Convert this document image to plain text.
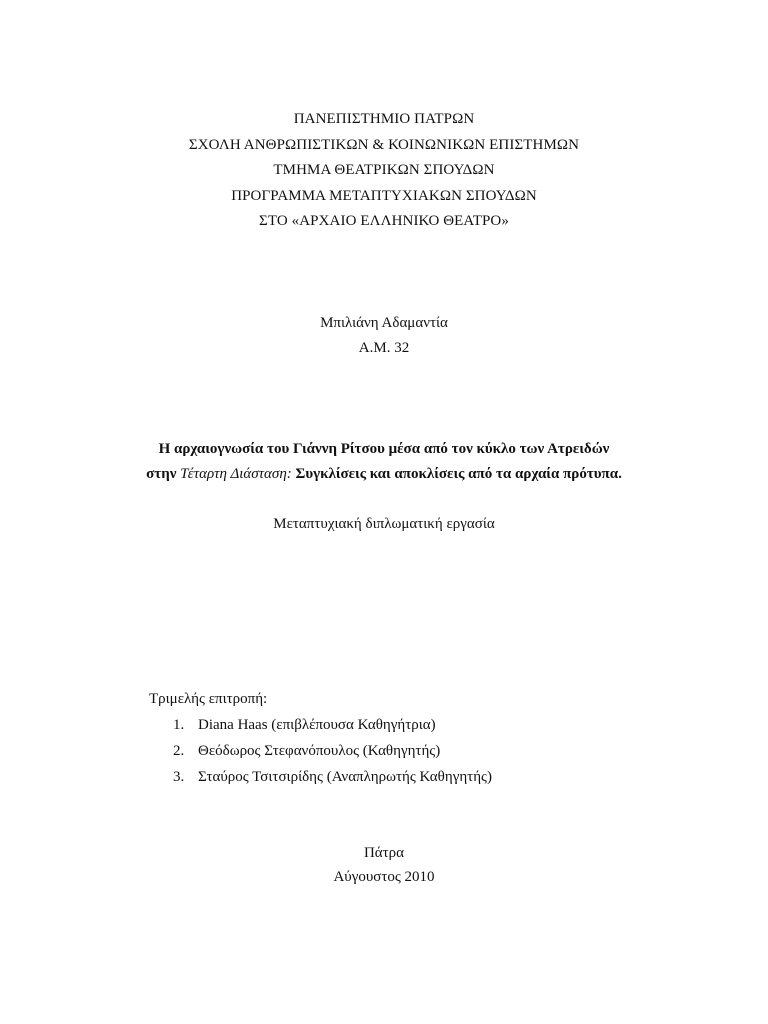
ΠΑΝΕΠΙΣΤΗΜΙΟ ΠΑΤΡΩΝ
ΣΧΟΛΗ ΑΝΘΡΩΠΙΣΤΙΚΩΝ & ΚΟΙΝΩΝΙΚΩΝ ΕΠΙΣΤΗΜΩΝ
ΤΜΗΜΑ ΘΕΑΤΡΙΚΩΝ ΣΠΟΥΔΩΝ
ΠΡΟΓΡΑΜΜΑ ΜΕΤΑΠΤΥΧΙΑΚΩΝ ΣΠΟΥΔΩΝ
ΣΤΟ «ΑΡΧΑΙΟ ΕΛΛΗΝΙΚΟ ΘΕΑΤΡΟ»
Μπιλιάνη Αδαμαντία
Α.Μ. 32
Η αρχαιογνωσία του Γιάννη Ρίτσου μέσα από τον κύκλο των Ατρειδών
στην Τέταρτη Διάσταση: Συγκλίσεις και αποκλίσεις από τα αρχαία πρότυπα.
Μεταπτυχιακή διπλωματική εργασία
Τριμελής επιτροπή:
1. Diana Haas (επιβλέπουσα Καθηγήτρια)
2. Θεόδωρος Στεφανόπουλος (Καθηγητής)
3. Σταύρος Τσιτσιρίδης (Αναπληρωτής Καθηγητής)
Πάτρα
Αύγουστος 2010
